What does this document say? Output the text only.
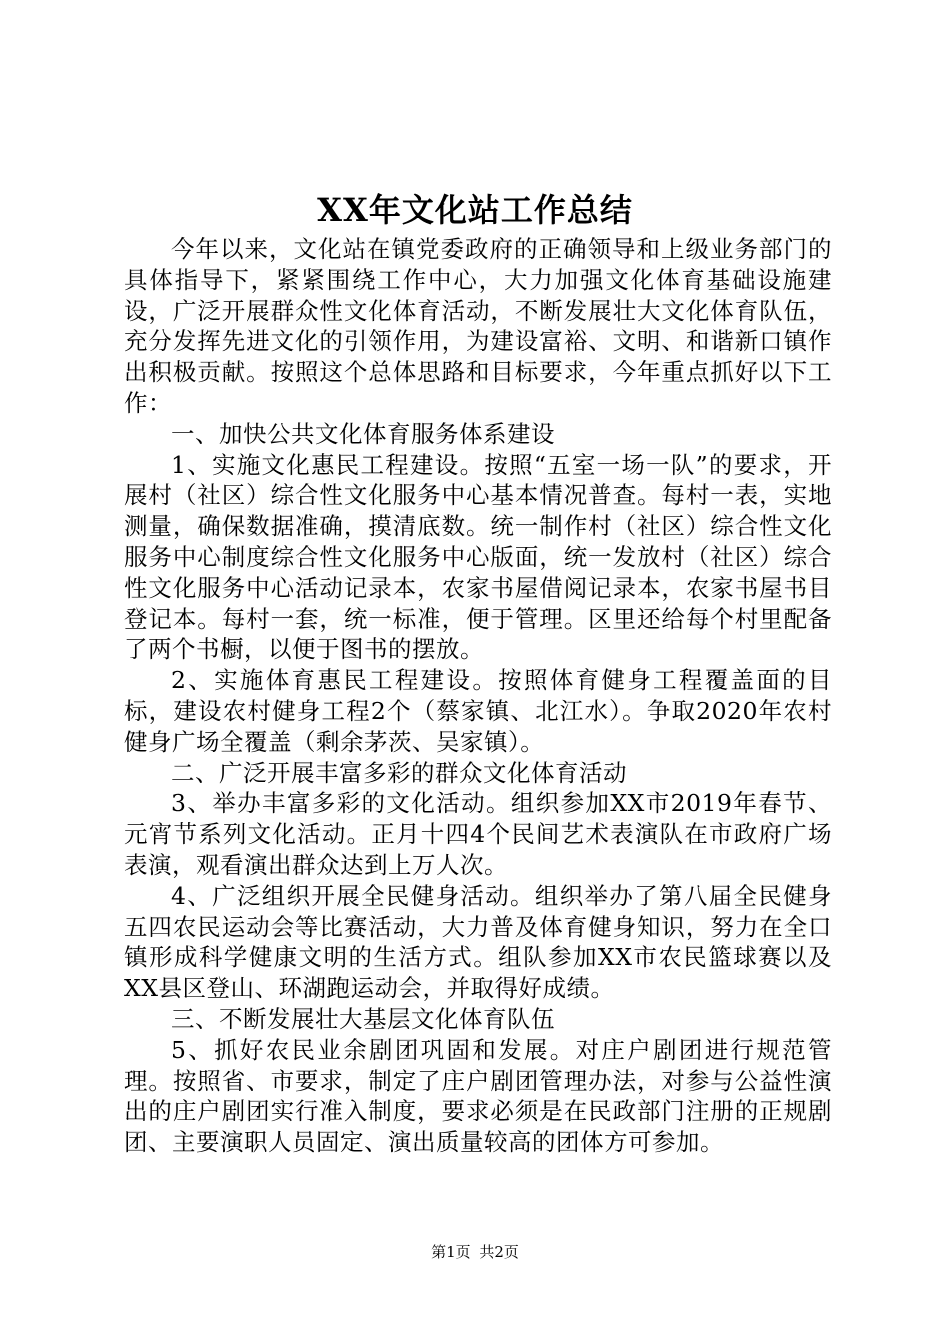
XX年文化站工作总结

今年以来，文化站在镇党委政府的正确领导和上级业务部门的具体指导下，紧紧围绕工作中心，大力加强文化体育基础设施建设，广泛开展群众性文化体育活动，不断发展壮大文化体育队伍，充分发挥先进文化的引领作用，为建设富裕、文明、和谐新口镇作出积极贡献。按照这个总体思路和目标要求，今年重点抓好以下工作：

一、加快公共文化体育服务体系建设

1、实施文化惠民工程建设。按照“五室一场一队”的要求，开展村（社区）综合性文化服务中心基本情况普查。每村一表，实地测量，确保数据准确，摸清底数。统一制作村（社区）综合性文化服务中心制度综合性文化服务中心版面，统一发放村（社区）综合性文化服务中心活动记录本，农家书屋借阅记录本，农家书屋书目登记本。每村一套，统一标准，便于管理。区里还给每个村里配备了两个书橱，以便于图书的摆放。

2、实施体育惠民工程建设。按照体育健身工程覆盖面的目标，建设农村健身工程2个（蔡家镇、北江水）。争取2020年农村健身广场全覆盖（剩余茅茨、吴家镇）。

二、广泛开展丰富多彩的群众文化体育活动

3、举办丰富多彩的文化活动。组织参加XX市2019年春节、元宵节系列文化活动。正月十四4个民间艺术表演队在市政府广场表演，观看演出群众达到上万人次。

4、广泛组织开展全民健身活动。组织举办了第八届全民健身五四农民运动会等比赛活动，大力普及体育健身知识，努力在全口镇形成科学健康文明的生活方式。组队参加XX市农民篮球赛以及XX县区登山、环湖跑运动会，并取得好成绩。

三、不断发展壮大基层文化体育队伍

5、抓好农民业余剧团巩固和发展。对庄户剧团进行规范管理。按照省、市要求，制定了庄户剧团管理办法，对参与公益性演出的庄户剧团实行准入制度，要求必须是在民政部门注册的正规剧团、主要演职人员固定、演出质量较高的团体方可参加。

第1页 共2页
